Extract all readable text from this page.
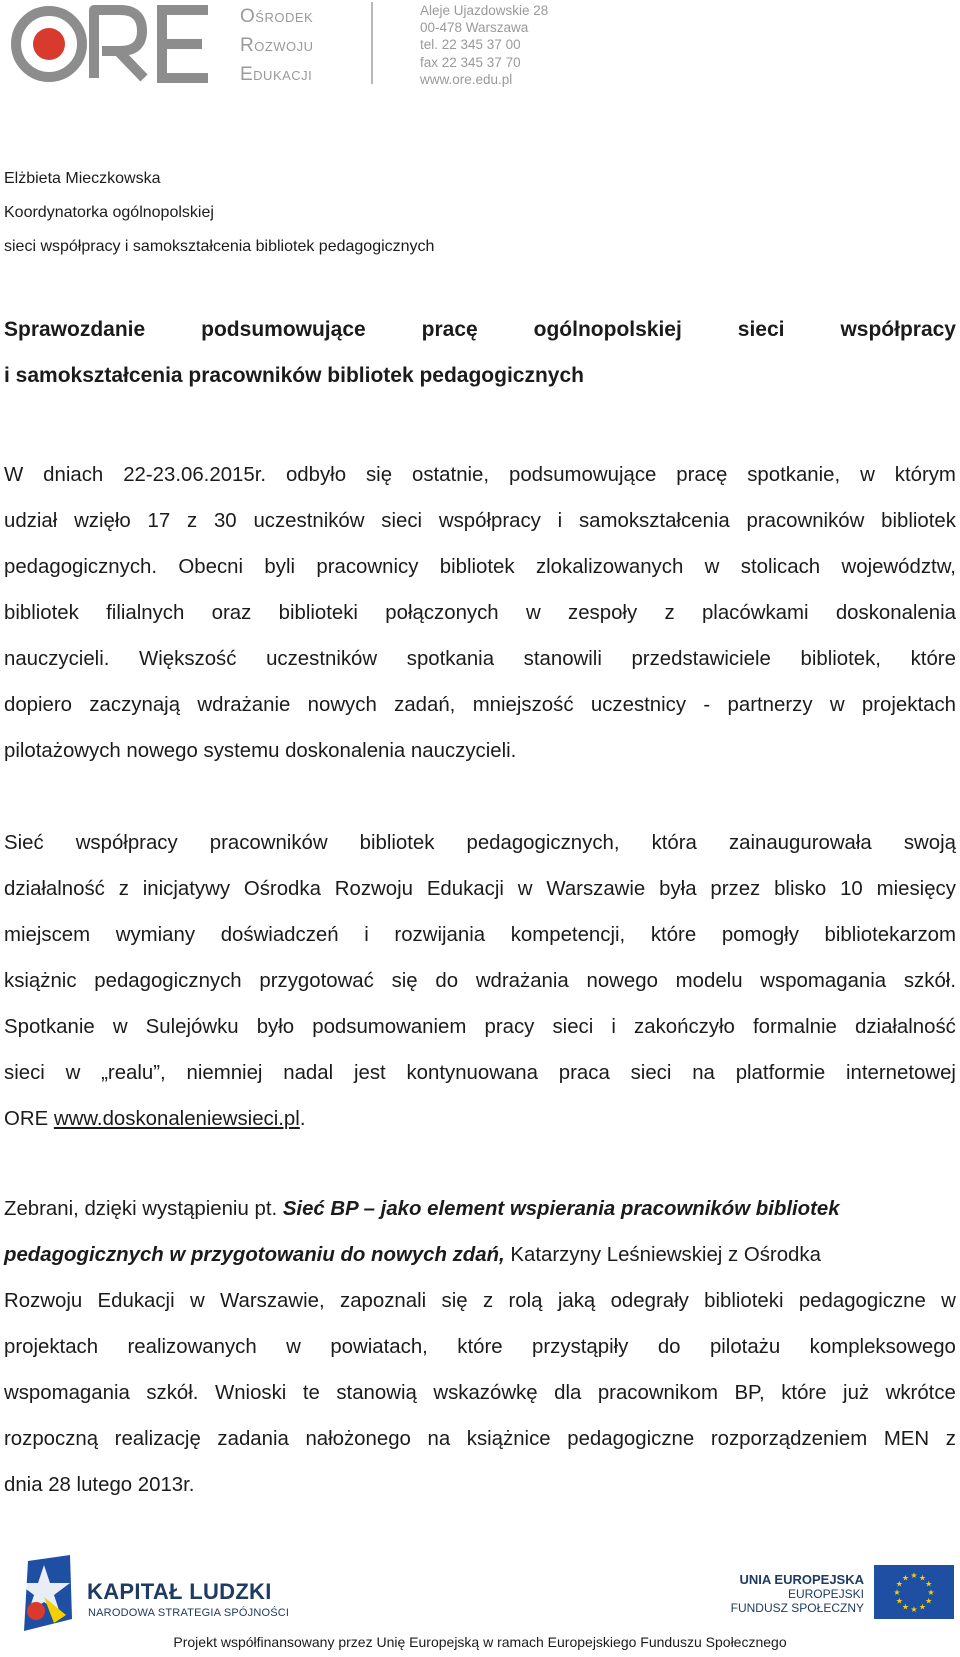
Ośrodek
Rozwoju
Edukacji
Aleje Ujazdowskie 28
00-478 Warszawa
tel. 22 345 37 00
fax 22 345 37 70
www.ore.edu.pl
Elżbieta Mieczkowska
Koordynatorka ogólnopolskiej
sieci współpracy i samokształcenia bibliotek pedagogicznych
Sprawozdanie	podsumowujące	pracę	ogólnopolskiej	sieci	współpracy
i samokształcenia pracowników bibliotek pedagogicznych
W dniach 22-23.06.2015r. odbyło się ostatnie, podsumowujące pracę spotkanie, w którym
udział wzięło 17 z 30 uczestników sieci współpracy i samokształcenia pracowników bibliotek
pedagogicznych. Obecni byli pracownicy bibliotek zlokalizowanych w stolicach województw,
bibliotek filialnych oraz biblioteki połączonych w zespoły z placówkami doskonalenia
nauczycieli. Większość uczestników spotkania stanowili przedstawiciele bibliotek, które
dopiero zaczynają wdrażanie nowych zadań, mniejszość uczestnicy - partnerzy w projektach
pilotażowych nowego systemu doskonalenia nauczycieli.
Sieć współpracy pracowników bibliotek pedagogicznych, która zainaugurowała swoją
działalność z inicjatywy Ośrodka Rozwoju Edukacji w Warszawie była przez blisko 10 miesięcy
miejscem wymiany doświadczeń i rozwijania kompetencji, które pomogły bibliotekarzom
książnic pedagogicznych przygotować się do wdrażania nowego modelu wspomagania szkół.
Spotkanie w Sulejówku było podsumowaniem pracy sieci i zakończyło formalnie działalność
sieci w „realu”, niemniej nadal jest kontynuowana praca sieci na platformie internetowej
ORE www.doskonaleniewsieci.pl.
Zebrani, dzięki wystąpieniu pt. Sieć BP – jako element wspierania pracowników bibliotek
pedagogicznych w przygotowaniu do nowych zdań, Katarzyny Leśniewskiej z Ośrodka
Rozwoju Edukacji w Warszawie, zapoznali się z rolą jaką odegrały biblioteki pedagogiczne w
projektach realizowanych w powiatach, które przystąpiły do pilotażu kompleksowego
wspomagania szkół. Wnioski te stanowią wskazówkę dla pracownikom BP, które już wkrótce
rozpoczną realizację zadania nałożonego na książnice pedagogiczne rozporządzeniem MEN z
dnia 28 lutego 2013r.
KAPITAŁ LUDZKI
NARODOWA STRATEGIA SPÓJNOŚCI
UNIA EUROPEJSKA
EUROPEJSKI
FUNDUSZ SPOŁECZNY
★ ★
★
★
★
★
★
★
★
★
★
★
Projekt współfinansowany przez Unię Europejską w ramach Europejskiego Funduszu Społecznego
